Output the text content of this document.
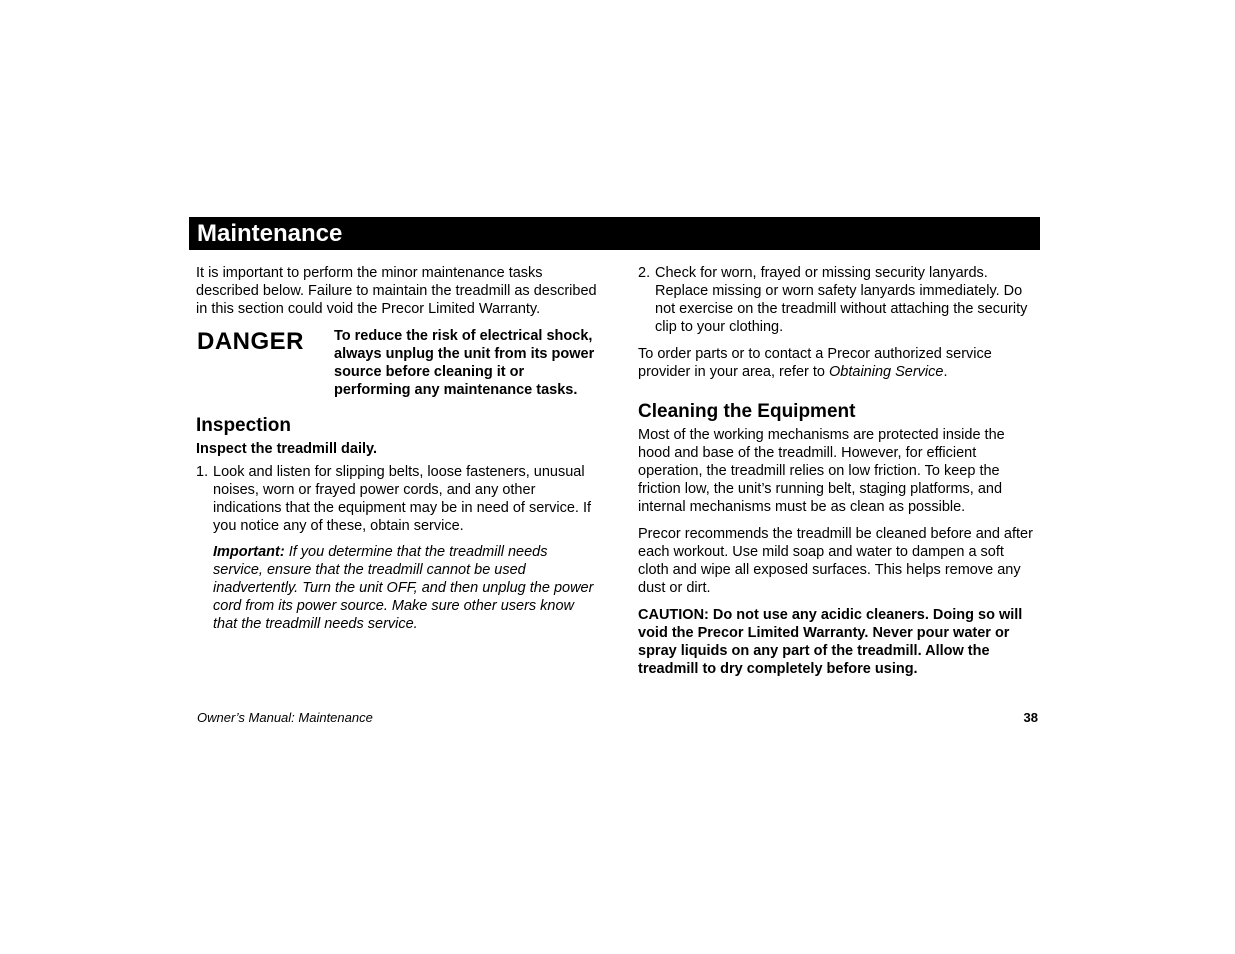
Maintenance

It is important to perform the minor maintenance tasks described below. Failure to maintain the treadmill as described in this section could void the Precor Limited Warranty.

DANGER To reduce the risk of electrical shock, always unplug the unit from its power source before cleaning it or performing any maintenance tasks.
Inspection

Inspect the treadmill daily.

1. Look and listen for slipping belts, loose fasteners, unusual noises, worn or frayed power cords, and any other indications that the equipment may be in need of service. If you notice any of these, obtain service.

Important: If you determine that the treadmill needs service, ensure that the treadmill cannot be used inadvertently. Turn the unit OFF, and then unplug the power cord from its power source. Make sure other users know that the treadmill needs service.

2. Check for worn, frayed or missing security lanyards. Replace missing or worn safety lanyards immediately. Do not exercise on the treadmill without attaching the security clip to your clothing.

To order parts or to contact a Precor authorized service provider in your area, refer to Obtaining Service.

Cleaning the Equipment

Most of the working mechanisms are protected inside the hood and base of the treadmill. However, for efficient operation, the treadmill relies on low friction. To keep the friction low, the unit’s running belt, staging platforms, and internal mechanisms must be as clean as possible.

Precor recommends the treadmill be cleaned before and after each workout. Use mild soap and water to dampen a soft cloth and wipe all exposed surfaces. This helps remove any dust or dirt.

CAUTION: Do not use any acidic cleaners. Doing so will void the Precor Limited Warranty. Never pour water or spray liquids on any part of the treadmill. Allow the treadmill to dry completely before using.

Owner’s Manual: Maintenance	38
